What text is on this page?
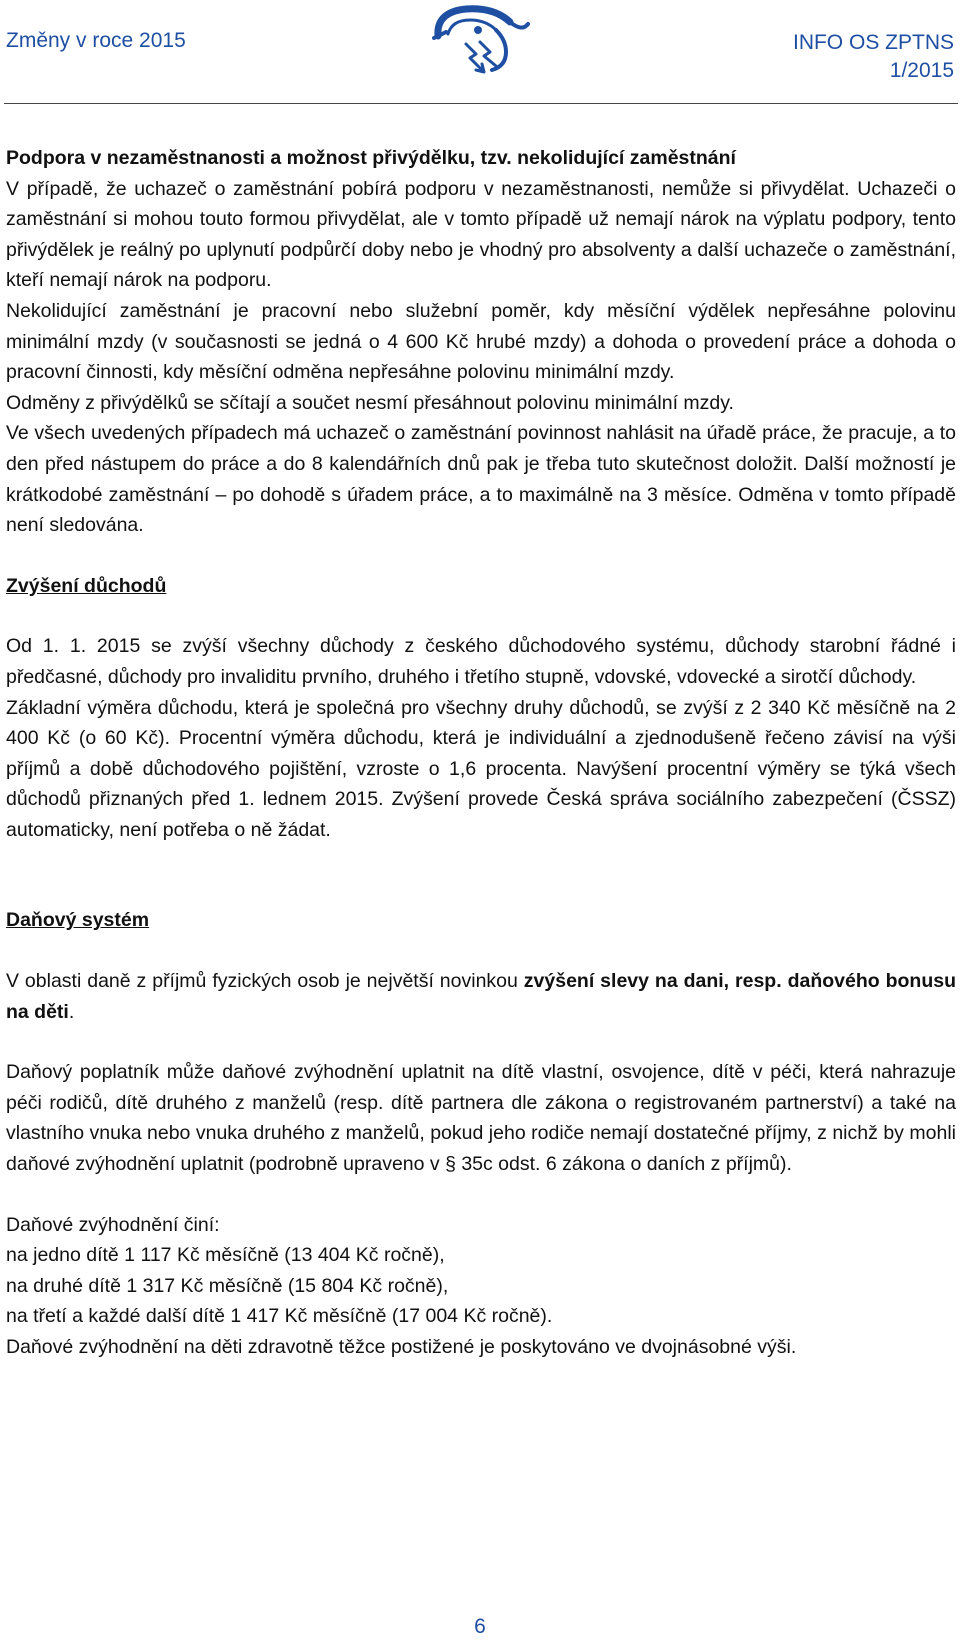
Změny v roce 2015	INFO OS ZPTNS
1/2015

Podpora v nezaměstnanosti a možnost přivýdělku, tzv. nekolidující zaměstnání

V případě, že uchazeč o zaměstnání pobírá podporu v nezaměstnanosti, nemůže si přivydělat. Uchazeči o zaměstnání si mohou touto formou přivydělat, ale v tomto případě už nemají nárok na výplatu podpory, tento přivýdělek je reálný po uplynutí podpůrčí doby nebo je vhodný pro absolventy a další uchazeče o zaměstnání, kteří nemají nárok na podporu.

Nekolidující zaměstnání je pracovní nebo služební poměr, kdy měsíční výdělek nepřesáhne polovinu minimální mzdy (v současnosti se jedná o 4 600 Kč hrubé mzdy) a dohoda o provedení práce a dohoda o pracovní činnosti, kdy měsíční odměna nepřesáhne polovinu minimální mzdy.

Odměny z přivýdělků se sčítají a součet nesmí přesáhnout polovinu minimální mzdy.

Ve všech uvedených případech má uchazeč o zaměstnání povinnost nahlásit na úřadě práce, že pracuje, a to den před nástupem do práce a do 8 kalendářních dnů pak je třeba tuto skutečnost doložit. Další možností je krátkodobé zaměstnání – po dohodě s úřadem práce, a to maximálně na 3 měsíce. Odměna v tomto případě není sledována.

Zvýšení důchodů

Od 1. 1. 2015 se zvýší všechny důchody z českého důchodového systému, důchody starobní řádné i předčasné, důchody pro invaliditu prvního, druhého i třetího stupně, vdovské, vdovecké a sirotčí důchody.

Základní výměra důchodu, která je společná pro všechny druhy důchodů, se zvýší z 2 340 Kč měsíčně na 2 400 Kč (o 60 Kč). Procentní výměra důchodu, která je individuální a zjednodušeně řečeno závisí na výši příjmů a době důchodového pojištění, vzroste o 1,6 procenta. Navýšení procentní výměry se týká všech důchodů přiznaných před 1. lednem 2015. Zvýšení provede Česká správa sociálního zabezpečení (ČSSZ) automaticky, není potřeba o ně žádat.

Daňový systém

V oblasti daně z příjmů fyzických osob je největší novinkou zvýšení slevy na dani, resp. daňového bonusu na děti.

Daňový poplatník může daňové zvýhodnění uplatnit na dítě vlastní, osvojence, dítě v péči, která nahrazuje péči rodičů, dítě druhého z manželů (resp. dítě partnera dle zákona o registrovaném partnerství) a také na vlastního vnuka nebo vnuka druhého z manželů, pokud jeho rodiče nemají dostatečné příjmy, z nichž by mohli daňové zvýhodnění uplatnit (podrobně upraveno v § 35c odst. 6 zákona o daních z příjmů).

Daňové zvýhodnění činí:

na jedno dítě 1 117 Kč měsíčně (13 404 Kč ročně),

na druhé dítě 1 317 Kč měsíčně (15 804 Kč ročně),

na třetí a každé další dítě 1 417 Kč měsíčně (17 004 Kč ročně).

Daňové zvýhodnění na děti zdravotně těžce postižené je poskytováno ve dvojnásobné výši.

6
